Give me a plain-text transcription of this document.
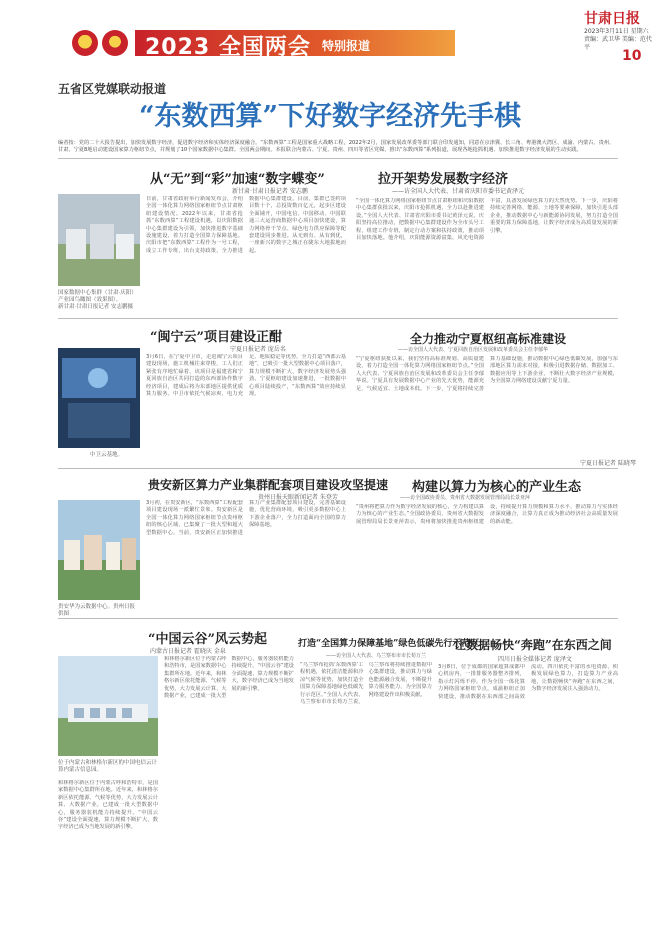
2023 全国两会 特别报道
甘肃日报
2023年3月11日 星期六
责编：武卫华 美编：范代平
10
五省区党媒联动报道
“东数西算”下好数字经济先手棋
编者按：党的二十大报告提出，加快发展数字经济，促进数字经济和实体经济深度融合。“东数西算”工程是国家重大战略工程，2022年2月，国家发展改革委等部门联合印发通知，同意在京津冀、长三角、粤港澳大湾区、成渝、内蒙古、贵州、甘肃、宁夏8地启动建设国家算力枢纽节点，并规划了10个国家数据中心集群。全国两会期间，本报联合内蒙古、宁夏、贵州、四川等省区党媒，推出“东数西算”系列报道，展现各地抢抓机遇、加快推进数字经济发展的生动实践。
从“无”到“彩”加速“数字蝶变”
新甘肃·甘肃日报记者 安志鹏
国家数据中心集群（甘肃·庆阳）产业园鸟瞰图（效果图）。
新甘肃·甘肃日报记者 安志鹏摄
日前，甘肃省政府举行新闻发布会，介绍全国一体化算力网络国家枢纽节点甘肃枢纽建设情况。2022年以来，甘肃省抢抓“东数西算”工程建设机遇，以庆阳数据中心集群建设为引领，加快推进数字基础设施建设，着力打造全国算力保障基地。庆阳市把“东数西算”工程作为一号工程，成立工作专班，出台支持政策，全力推进数据中心集群建设。目前，集群已签约项目数十个，总投资数百亿元，起步区建设全面铺开，中国电信、中国移动、中国联通三大运营商数据中心项目加快建设，算力网络骨干节点、绿色电力供应保障等配套建设同步推进。从无到有、从有到优，一座新兴的数字之城正在陇东大地拔地而起。
拉开架势发展数字经济
——访全国人大代表、甘肃省庆阳市委书记黄泽元
“全国一体化算力网络国家枢纽节点甘肃枢纽和庆阳数据中心集群获批以来，庆阳市抢抓机遇，全力以赴推进建设。”全国人大代表、甘肃省庆阳市委书记黄泽元说。庆阳坚持高位推动，把数据中心集群建设作为全市头号工程，组建工作专班，制定行动方案和扶持政策，推动项目加快落地。他介绍，庆阳能源资源富集，风光电资源丰富，具备发展绿色算力的天然优势。下一步，庆阳将持续完善网络、能源、土地等要素保障，加快引进头部企业，推动数据中心与新能源协同发展，努力打造全国重要的算力保障基地，让数字经济成为高质量发展的新引擎。
“闽宁云”项目建设正酣
宁夏日报记者 庞岳名
中卫云基地。
3月6日，在宁夏中卫市，走进闽宁云项目建设现场，施工机械往来穿梭，工人们正紧张有序地忙碌着。该项目是福建省和宁夏回族自治区共同打造的东西部协作数字经济项目，建成后将为东部地区提供优质算力服务。中卫市依托气候凉爽、电力充足、地质稳定等优势，全力打造“西部云基地”，已吸引一批大型数据中心项目落户，算力规模不断扩大，数字经济发展势头强劲。宁夏枢纽建设加速推进，一批数据中心项目陆续投产，“东数西算”效应持续显现。
全力推动宁夏枢纽高标准建设
——访全国人大代表、宁夏回族自治区发展和改革委员会主任李郁华
“宁夏枢纽获批以来，我们坚持高标准规划、高质量建设，着力打造全国一体化算力网络国家枢纽节点。”全国人大代表、宁夏回族自治区发展和改革委员会主任李郁华说。宁夏具有发展数据中心产业的先天优势，能源充足、气候适宜、土地成本低。下一步，宁夏将持续完善算力基础设施，推动数据中心绿色低碳发展，加强与东部地区算力需求对接，积极引进数据存储、数据加工、数据应用等上下游企业，不断壮大数字经济产业规模，为全国算力网络建设贡献宁夏力量。
宁夏日报记者 陆晓琴
贵安新区算力产业集群配套项目建设攻坚提速
贵州日报天眼新闻记者 朱登芳
贵安华为云数据中心。贵州日报供图
3月初，在贵安新区，“东数西算”工程配套项目建设现场一派繁忙景象。贵安新区是全国一体化算力网络国家枢纽节点贵州枢纽的核心区域，已集聚了一批大型和超大型数据中心。当前，贵安新区正加快推进算力产业集群配套项目建设，完善基础设施，优化营商环境，吸引更多数据中心上下游企业落户，全力打造面向全国的算力保障基地。
构建以算力为核心的产业生态
——访全国政协委员、贵州省大数据发展管理局局长景亚萍
“贵州将把算力作为数字经济发展的核心，全力构建以算力为核心的产业生态。”全国政协委员、贵州省大数据发展管理局局长景亚萍表示，贵州将加快推进贵州枢纽建设，持续提升算力规模和算力水平，推动算力与实体经济深度融合，让算力真正成为推动经济社会高质量发展的新动能。
“中国云谷”风云势起
内蒙古日报记者 霍晓庆 金泉
位于内蒙古和林格尔新区的中国电信云计算内蒙古信息园。
和林格尔新区位于内蒙古呼和浩特市，是国家数据中心集群所在地。近年来，和林格尔新区依托能源、气候等优势，大力发展云计算、大数据产业，已建成一批大型数据中心，服务器装机能力持续提升。“中国云谷”建设全面提速，算力规模不断扩大，数字经济已成为当地发展的新引擎。
和林格尔新区位于内蒙古呼和浩特市，是国家数据中心集群所在地。近年来，和林格尔新区依托能源、气候等优势，大力发展云计算、大数据产业，已建成一批大型数据中心，服务器装机能力持续提升。“中国云谷”建设全面提速，算力规模不断扩大，数字经济已成为当地发展的新引擎。
打造“全国算力保障基地”绿色低碳先行示范区
——访全国人大代表、乌兰察布市市长荀万兰
“乌兰察布抢抓‘东数西算’工程机遇，依托清洁能源和冷凉气候等优势，加快打造全国算力保障基地绿色低碳先行示范区。”全国人大代表、乌兰察布市市长荀万兰说，乌兰察布将持续推进数据中心集群建设，推动算力与绿色能源融合发展，不断提升算力服务能力，为全国算力网络建设作出积极贡献。
让数据畅快“奔跑”在东西之间
四川日报全媒体记者 庞泽文
3月8日，位于成都的国家超算成都中心机房内，一排排服务器整齐排列，指示灯闪烁不停。作为全国一体化算力网络国家枢纽节点，成渝枢纽正加快建设，推动数据在东西部之间高效流动。四川依托丰富的水电资源，积极发展绿色算力，打造算力产业高地，让数据畅快“奔跑”在东西之间，为数字经济发展注入强劲动力。
